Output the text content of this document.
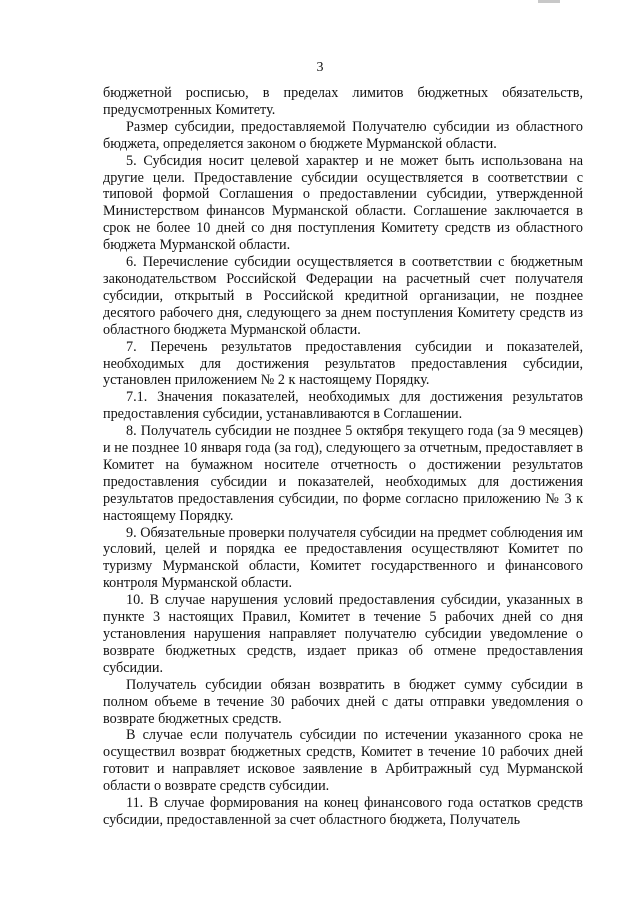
3

бюджетной росписью, в пределах лимитов бюджетных обязательств, предусмотренных Комитету.

Размер субсидии, предоставляемой Получателю субсидии из областного бюджета, определяется законом о бюджете Мурманской области.

5. Субсидия носит целевой характер и не может быть использована на другие цели. Предоставление субсидии осуществляется в соответствии с типовой формой Соглашения о предоставлении субсидии, утвержденной Министерством финансов Мурманской области. Соглашение заключается в срок не более 10 дней со дня поступления Комитету средств из областного бюджета Мурманской области.

6. Перечисление субсидии осуществляется в соответствии с бюджетным законодательством Российской Федерации на расчетный счет получателя субсидии, открытый в Российской кредитной организации, не позднее десятого рабочего дня, следующего за днем поступления Комитету средств из областного бюджета Мурманской области.

7. Перечень результатов предоставления субсидии и показателей, необходимых для достижения результатов предоставления субсидии, установлен приложением № 2 к настоящему Порядку.

7.1. Значения показателей, необходимых для достижения результатов предоставления субсидии, устанавливаются в Соглашении.

8. Получатель субсидии не позднее 5 октября текущего года (за 9 месяцев) и не позднее 10 января года (за год), следующего за отчетным, предоставляет в Комитет на бумажном носителе отчетность о достижении результатов предоставления субсидии и показателей, необходимых для достижения результатов предоставления субсидии, по форме согласно приложению № 3 к настоящему Порядку.

9. Обязательные проверки получателя субсидии на предмет соблюдения им условий, целей и порядка ее предоставления осуществляют Комитет по туризму Мурманской области, Комитет государственного и финансового контроля Мурманской области.

10. В случае нарушения условий предоставления субсидии, указанных в пункте 3 настоящих Правил, Комитет в течение 5 рабочих дней со дня установления нарушения направляет получателю субсидии уведомление о возврате бюджетных средств, издает приказ об отмене предоставления субсидии.

Получатель субсидии обязан возвратить в бюджет сумму субсидии в полном объеме в течение 30 рабочих дней с даты отправки уведомления о возврате бюджетных средств.

В случае если получатель субсидии по истечении указанного срока не осуществил возврат бюджетных средств, Комитет в течение 10 рабочих дней готовит и направляет исковое заявление в Арбитражный суд Мурманской области о возврате средств субсидии.

11. В случае формирования на конец финансового года остатков средств субсидии, предоставленной за счет областного бюджета, Получатель
